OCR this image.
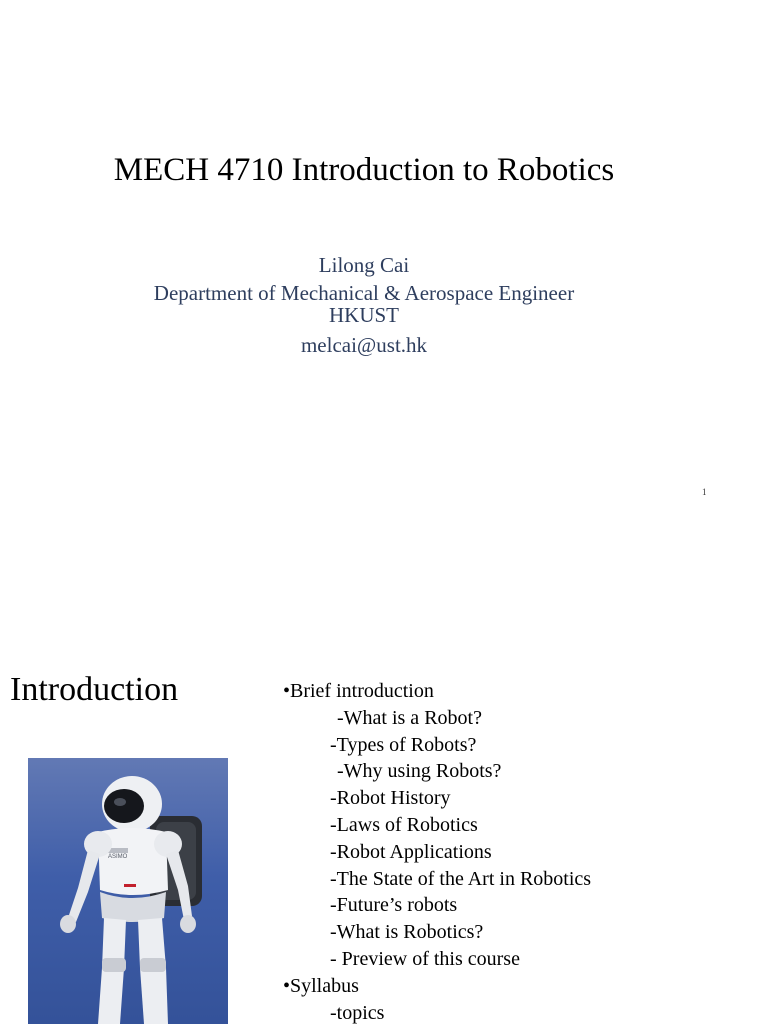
MECH 4710 Introduction to Robotics
Lilong Cai
Department of Mechanical & Aerospace Engineer
HKUST
melcai@ust.hk
1
Introduction
ASIMO
•Brief introduction
-What is a Robot?
-Types of Robots?
-Why using Robots?
-Robot History
-Laws of Robotics
-Robot Applications
-The State of the Art in Robotics
-Future’s robots
-What is Robotics?
- Preview of this course
•Syllabus
-topics
